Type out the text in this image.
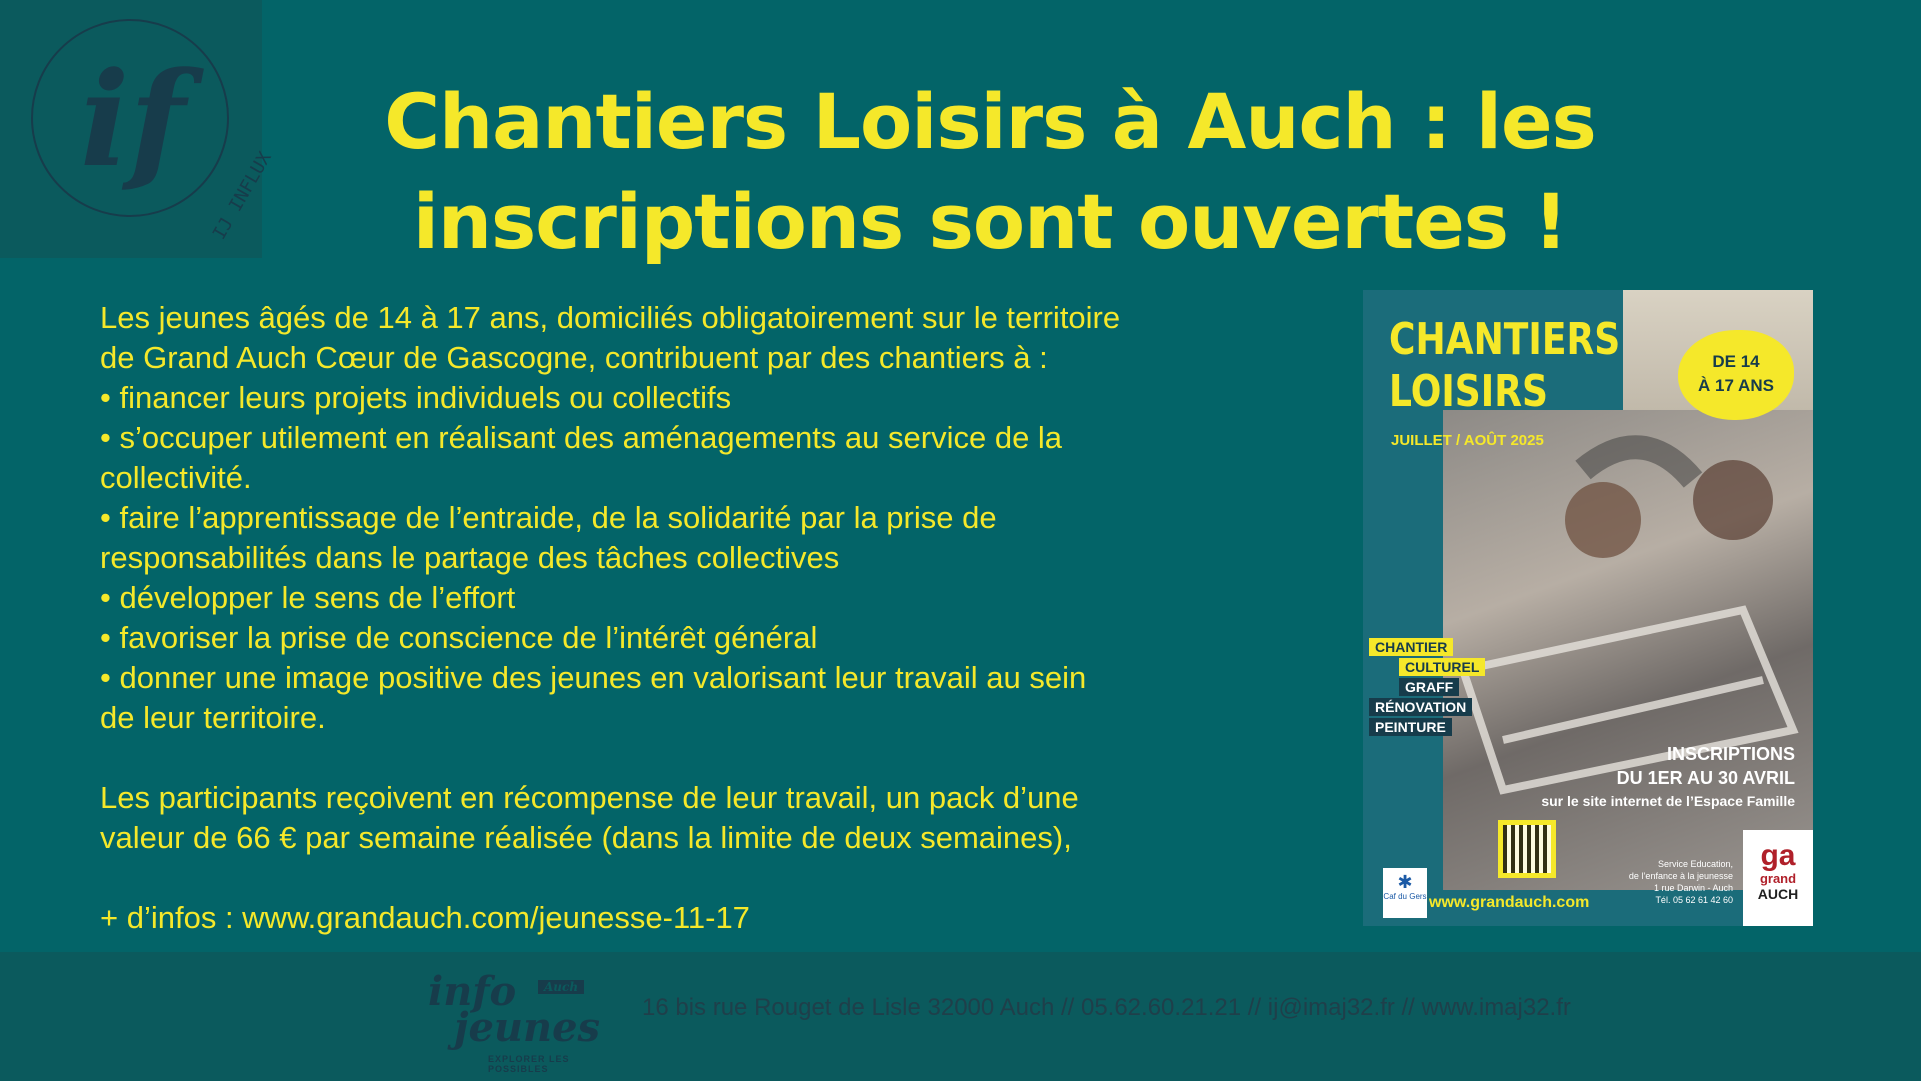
if	IJ INFLUX
Chantiers Loisirs à Auch : les inscriptions sont ouvertes !

Les jeunes âgés de 14 à 17 ans, domiciliés obligatoirement sur le territoire

de Grand Auch Cœur de Gascogne, contribuent par des chantiers à :

• financer leurs projets individuels ou collectifs

• s’occuper utilement en réalisant des aménagements au service de la

collectivité.

• faire l’apprentissage de l’entraide, de la solidarité par la prise de

responsabilités dans le partage des tâches collectives

• développer le sens de l’effort

• favoriser la prise de conscience de l’intérêt général

• donner une image positive des jeunes en valorisant leur travail au sein

de leur territoire.

Les participants reçoivent en récompense de leur travail, un pack d’une

valeur de 66 € par semaine réalisée (dans la limite de deux semaines),

+ d’infos : www.grandauch.com/jeunesse-11-17

CHANTIERS
LOISIRS
DE 14
À 17 ANS
JUILLET / AOÛT 2025
CHANTIER
CULTUREL
GRAFF
RÉNOVATION
PEINTURE
INSCRIPTIONS
DU 1ER AU 30 AVRIL
sur le site internet de l’Espace Famille
Service Education,
de l’enfance à la jeunesse
1 rue Darwin - Auch
Tél. 05 62 61 42 60
✱
Caf du Gers www.grandauch.com
ga
grand
AUCH
info	Auch
jeunes
EXPLORER LES POSSIBLES
16 bis rue Rouget de Lisle 32000 Auch // 05.62.60.21.21 // ij@imaj32.fr // www.imaj32.fr
